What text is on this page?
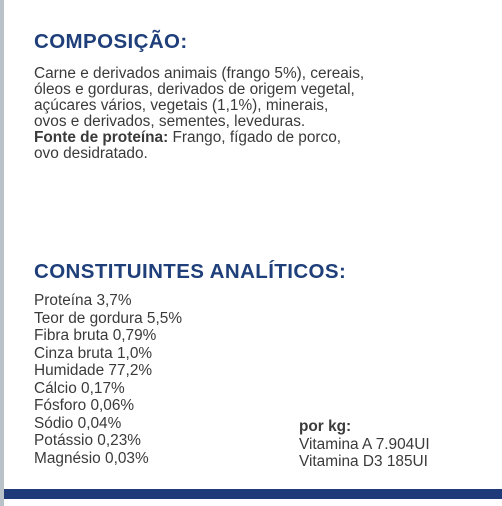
COMPOSIÇÃO:
Carne e derivados animais (frango 5%), cereais,
óleos e gorduras, derivados de origem vegetal,
açúcares vários, vegetais (1,1%), minerais,
ovos e derivados, sementes, leveduras.
Fonte de proteína: Frango, fígado de porco,
ovo desidratado.
CONSTITUINTES ANALÍTICOS:
Proteína 3,7%
Teor de gordura 5,5%
Fibra bruta 0,79%
Cinza bruta 1,0%
Humidade 77,2%
Cálcio 0,17%
Fósforo 0,06%
Sódio 0,04%
Potássio 0,23%
Magnésio 0,03%
por kg:
Vitamina A 7.904UI
Vitamina D3 185UI
